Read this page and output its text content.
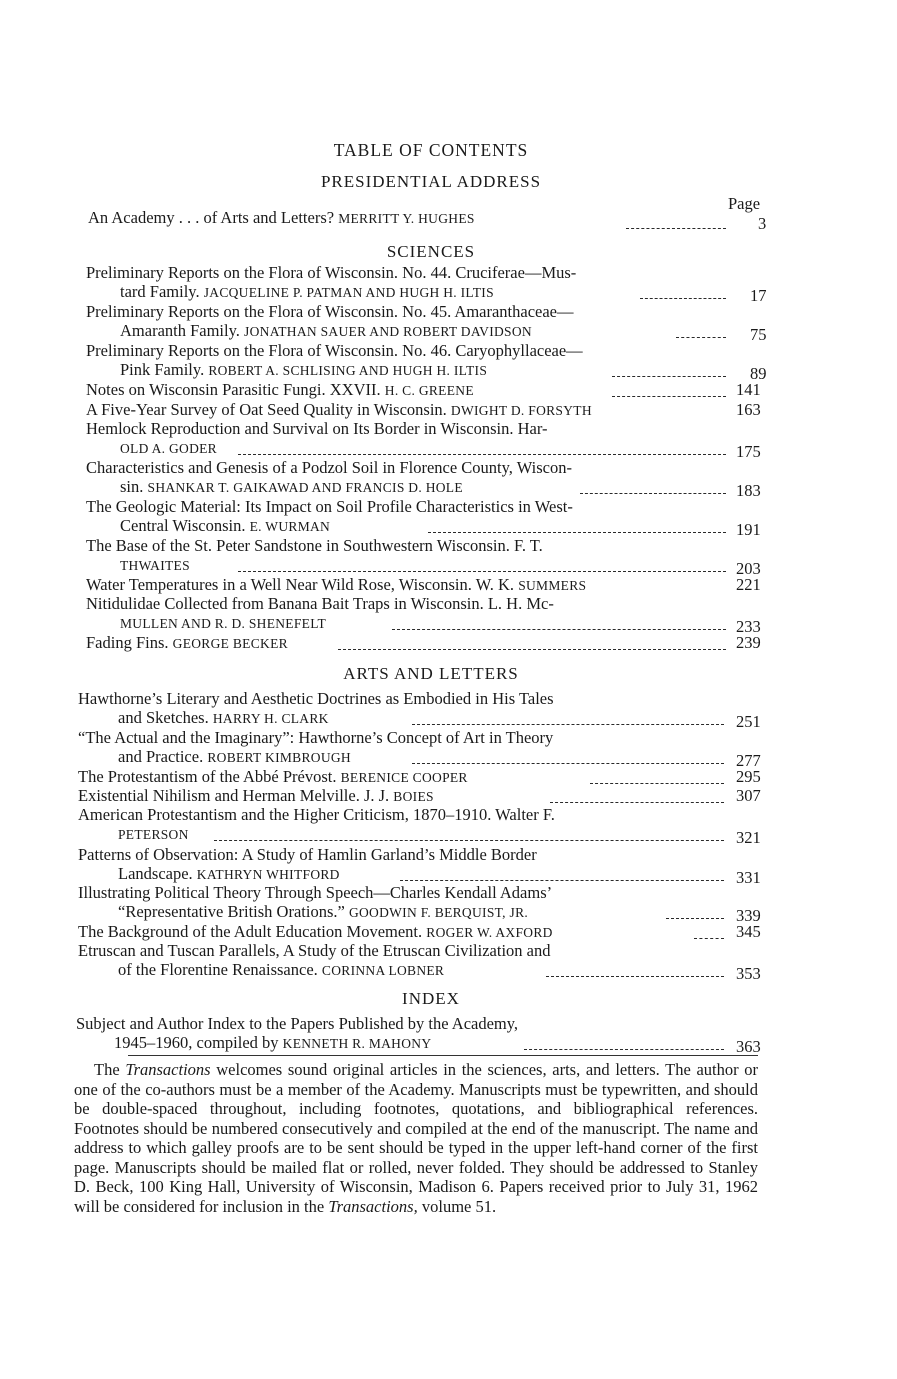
TABLE OF CONTENTS
PRESIDENTIAL ADDRESS
Page
An Academy . . . of Arts and Letters? MERRITT Y. HUGHES	3
SCIENCES
Preliminary Reports on the Flora of Wisconsin. No. 44. Cruciferae—Mus-
tard Family. JACQUELINE P. PATMAN AND HUGH H. ILTIS	17
Preliminary Reports on the Flora of Wisconsin. No. 45. Amaranthaceae—
Amaranth Family. JONATHAN SAUER AND ROBERT DAVIDSON	75
Preliminary Reports on the Flora of Wisconsin. No. 46. Caryophyllaceae—
Pink Family. ROBERT A. SCHLISING AND HUGH H. ILTIS	89
Notes on Wisconsin Parasitic Fungi. XXVII. H. C. GREENE	141
A Five-Year Survey of Oat Seed Quality in Wisconsin. DWIGHT D. FORSYTH	163
Hemlock Reproduction and Survival on Its Border in Wisconsin. Har-
OLD A. GODER	175
Characteristics and Genesis of a Podzol Soil in Florence County, Wiscon-
sin. SHANKAR T. GAIKAWAD AND FRANCIS D. HOLE	183
The Geologic Material: Its Impact on Soil Profile Characteristics in West-
Central Wisconsin. E. WURMAN	191
The Base of the St. Peter Sandstone in Southwestern Wisconsin. F. T.
THWAITES	203
Water Temperatures in a Well Near Wild Rose, Wisconsin. W. K. SUMMERS	221
Nitidulidae Collected from Banana Bait Traps in Wisconsin. L. H. Mc-
MULLEN AND R. D. SHENEFELT	233
Fading Fins. GEORGE BECKER	239
ARTS AND LETTERS
Hawthorne’s Literary and Aesthetic Doctrines as Embodied in His Tales
and Sketches. HARRY H. CLARK	251
“The Actual and the Imaginary”: Hawthorne’s Concept of Art in Theory
and Practice. ROBERT KIMBROUGH	277
The Protestantism of the Abbé Prévost. BERENICE COOPER	295
Existential Nihilism and Herman Melville. J. J. BOIES	307
American Protestantism and the Higher Criticism, 1870–1910. Walter F.
PETERSON	321
Patterns of Observation: A Study of Hamlin Garland’s Middle Border
Landscape. KATHRYN WHITFORD	331
Illustrating Political Theory Through Speech—Charles Kendall Adams’
“Representative British Orations.” GOODWIN F. BERQUIST, JR.	339
The Background of the Adult Education Movement. ROGER W. AXFORD	345
Etruscan and Tuscan Parallels, A Study of the Etruscan Civilization and
of the Florentine Renaissance. CORINNA LOBNER	353
INDEX
Subject and Author Index to the Papers Published by the Academy,
1945–1960, compiled by KENNETH R. MAHONY	363

The Transactions welcomes sound original articles in the sciences, arts, and letters. The author or one of the co-authors must be a member of the Academy. Manuscripts must be typewritten, and should be double-spaced throughout, including footnotes, quotations, and bibliographical references. Footnotes should be numbered consecutively and compiled at the end of the manuscript. The name and address to which galley proofs are to be sent should be typed in the upper left-hand corner of the first page. Manuscripts should be mailed flat or rolled, never folded. They should be addressed to Stanley D. Beck, 100 King Hall, University of Wisconsin, Madison 6. Papers received prior to July 31, 1962 will be considered for inclusion in the Transactions, volume 51.
